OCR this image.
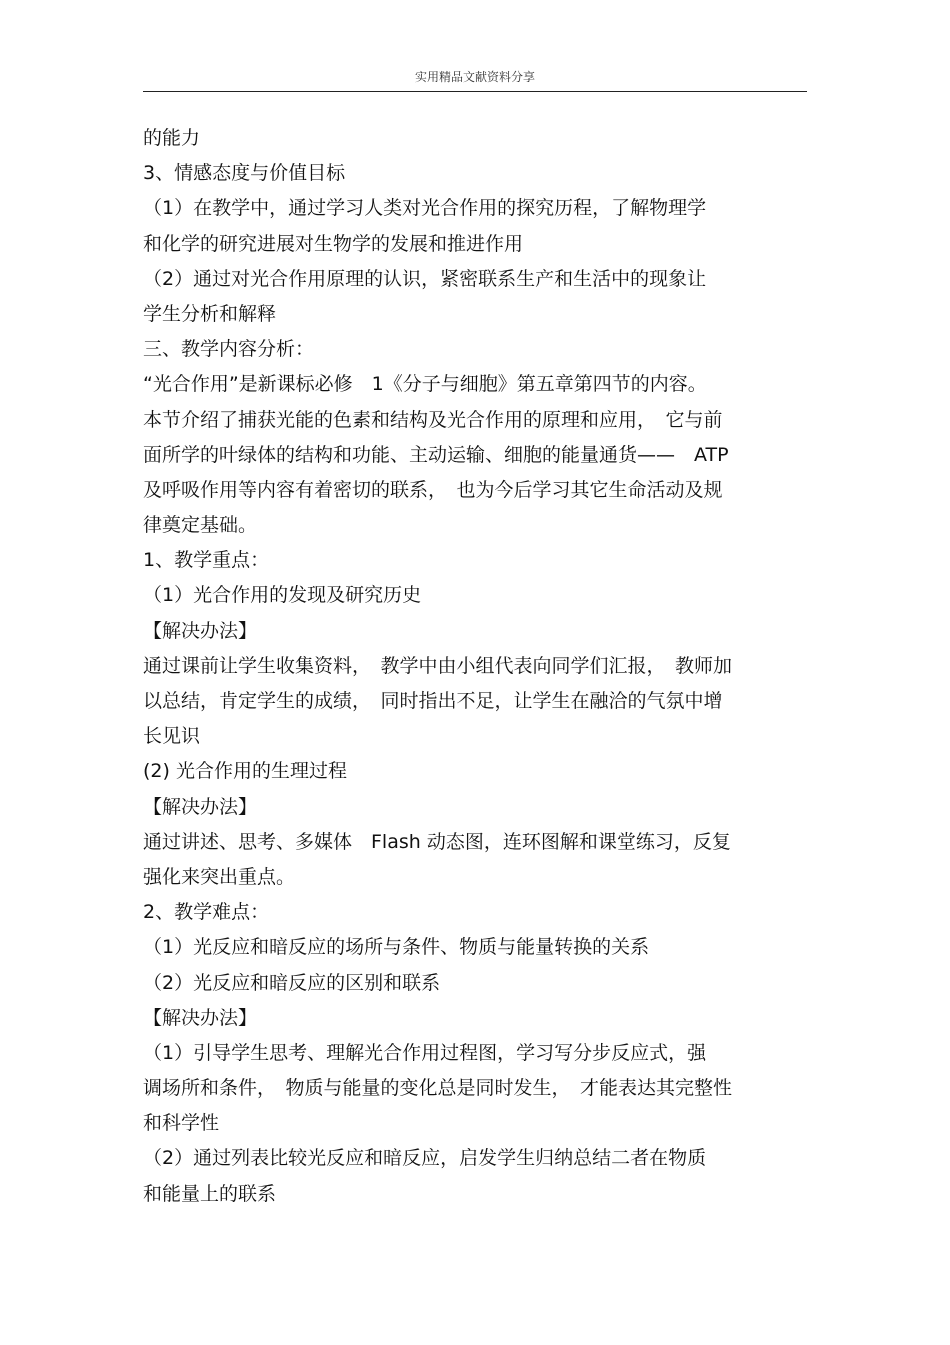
实用精品文献资料分享
的能力
3、情感态度与价值目标
（1）在教学中，通过学习人类对光合作用的探究历程，了解物理学
和化学的研究进展对生物学的发展和推进作用
（2）通过对光合作用原理的认识，紧密联系生产和生活中的现象让
学生分析和解释
三、教学内容分析：
“光合作用”是新课标必修　1《分子与细胞》第五章第四节的内容。
本节介绍了捕获光能的色素和结构及光合作用的原理和应用，　它与前
面所学的叶绿体的结构和功能、主动运输、细胞的能量通货——　ATP
及呼吸作用等内容有着密切的联系，　也为今后学习其它生命活动及规
律奠定基础。
1、教学重点：
（1）光合作用的发现及研究历史
【解决办法】
通过课前让学生收集资料，　教学中由小组代表向同学们汇报，　教师加
以总结，肯定学生的成绩，　同时指出不足，让学生在融洽的气氛中增
长见识
(2) 光合作用的生理过程
【解决办法】
通过讲述、思考、多媒体　Flash 动态图，连环图解和课堂练习，反复
强化来突出重点。
2、教学难点：
（1）光反应和暗反应的场所与条件、物质与能量转换的关系
（2）光反应和暗反应的区别和联系
【解决办法】
（1）引导学生思考、理解光合作用过程图，学习写分步反应式，强
调场所和条件，　物质与能量的变化总是同时发生，　才能表达其完整性
和科学性
（2）通过列表比较光反应和暗反应，启发学生归纳总结二者在物质
和能量上的联系
